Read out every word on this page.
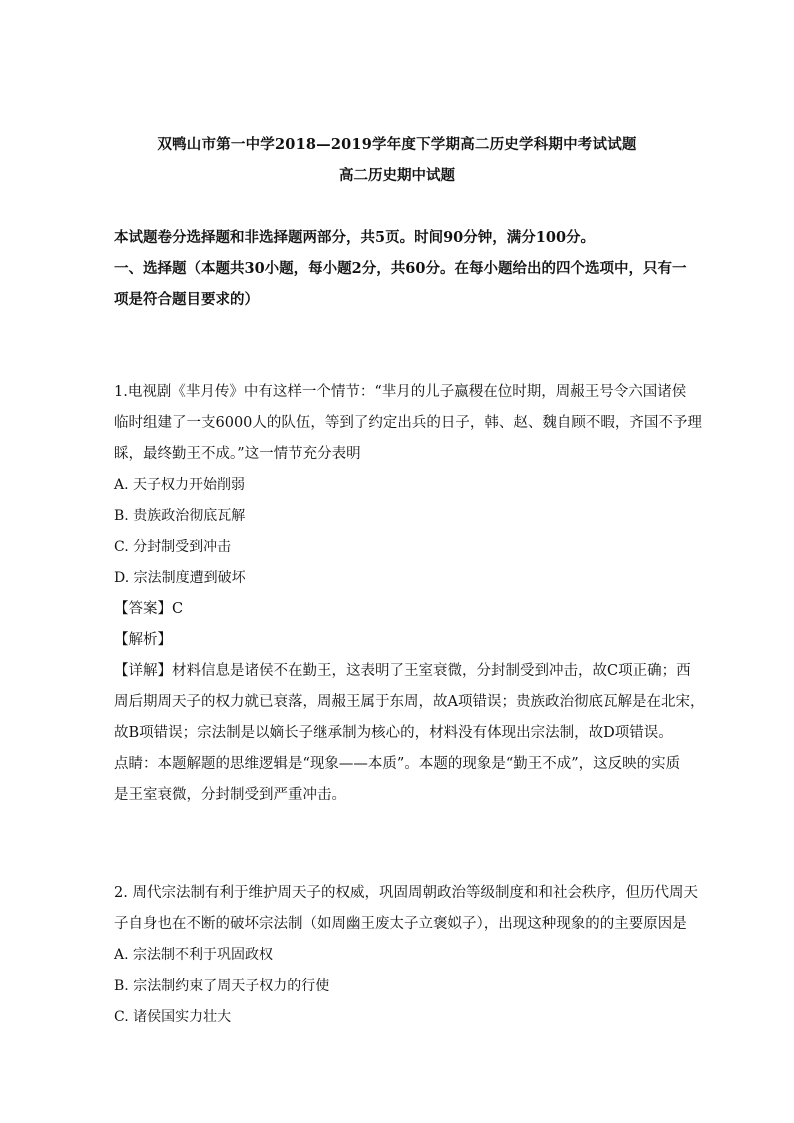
双鸭山市第一中学2018—2019学年度下学期高二历史学科期中考试试题
高二历史期中试题
本试题卷分选择题和非选择题两部分，共5页。时间90分钟，满分100分。
一、选择题（本题共30小题，每小题2分，共60分。在每小题给出的四个选项中，只有一
项是符合题目要求的）
1.电视剧《芈月传》中有这样一个情节：“芈月的儿子嬴稷在位时期，周赧王号令六国诸侯
临时组建了一支6000人的队伍，等到了约定出兵的日子，韩、赵、魏自顾不暇，齐国不予理
睬，最终勤王不成。”这一情节充分表明
A. 天子权力开始削弱
B. 贵族政治彻底瓦解
C. 分封制受到冲击
D. 宗法制度遭到破坏
【答案】C
【解析】
【详解】材料信息是诸侯不在勤王，这表明了王室衰微，分封制受到冲击，故C项正确；西
周后期周天子的权力就已衰落，周赧王属于东周，故A项错误；贵族政治彻底瓦解是在北宋，
故B项错误；宗法制是以嫡长子继承制为核心的，材料没有体现出宗法制，故D项错误。
点睛：本题解题的思维逻辑是“现象——本质”。本题的现象是“勤王不成”，这反映的实质
是王室衰微，分封制受到严重冲击。
2. 周代宗法制有利于维护周天子的权威，巩固周朝政治等级制度和和社会秩序，但历代周天
子自身也在不断的破坏宗法制（如周幽王废太子立褒姒子），出现这种现象的的主要原因是
A. 宗法制不利于巩固政权
B. 宗法制约束了周天子权力的行使
C. 诸侯国实力壮大
